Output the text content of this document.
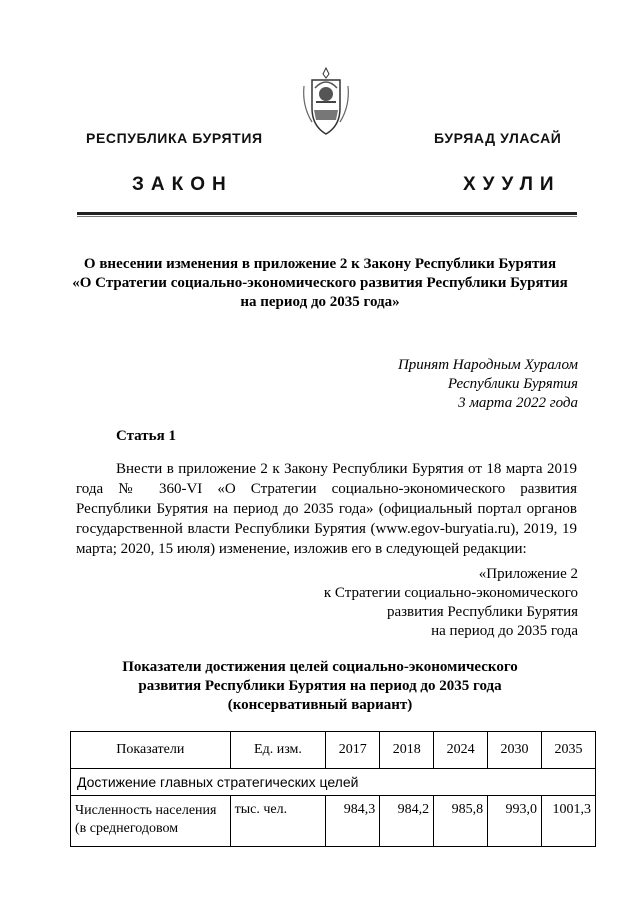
РЕСПУБЛИКА БУРЯТИЯ	БУРЯАД УЛАСАЙ
ЗАКОН	ХУУЛИ
О внесении изменения в приложение 2 к Закону Республики Бурятия
«О Стратегии социально-экономического развития Республики Бурятия
на период до 2035 года»
Принят Народным Хуралом
Республики Бурятия
3 марта 2022 года
Статья 1
Внести в приложение 2 к Закону Республики Бурятия от 18 марта 2019
года № 360-VI «О Стратегии социально-экономического развития
Республики Бурятия на период до 2035 года» (официальный портал органов
государственной власти Республики Бурятия (www.egov-buryatia.ru), 2019, 19
марта; 2020, 15 июля) изменение, изложив его в следующей редакции:
«Приложение 2
к Стратегии социально-экономического
развития Республики Бурятия
на период до 2035 года
Показатели достижения целей социально-экономического
развития Республики Бурятия на период до 2035 года
(консервативный вариант)
Показатели	Ед. изм.	2017	2018	2024	2030	2035
Достижение главных стратегических целей						
Численность населения (в среднегодовом	тыс. чел.	984,3	984,2	985,8	993,0	1001,3
